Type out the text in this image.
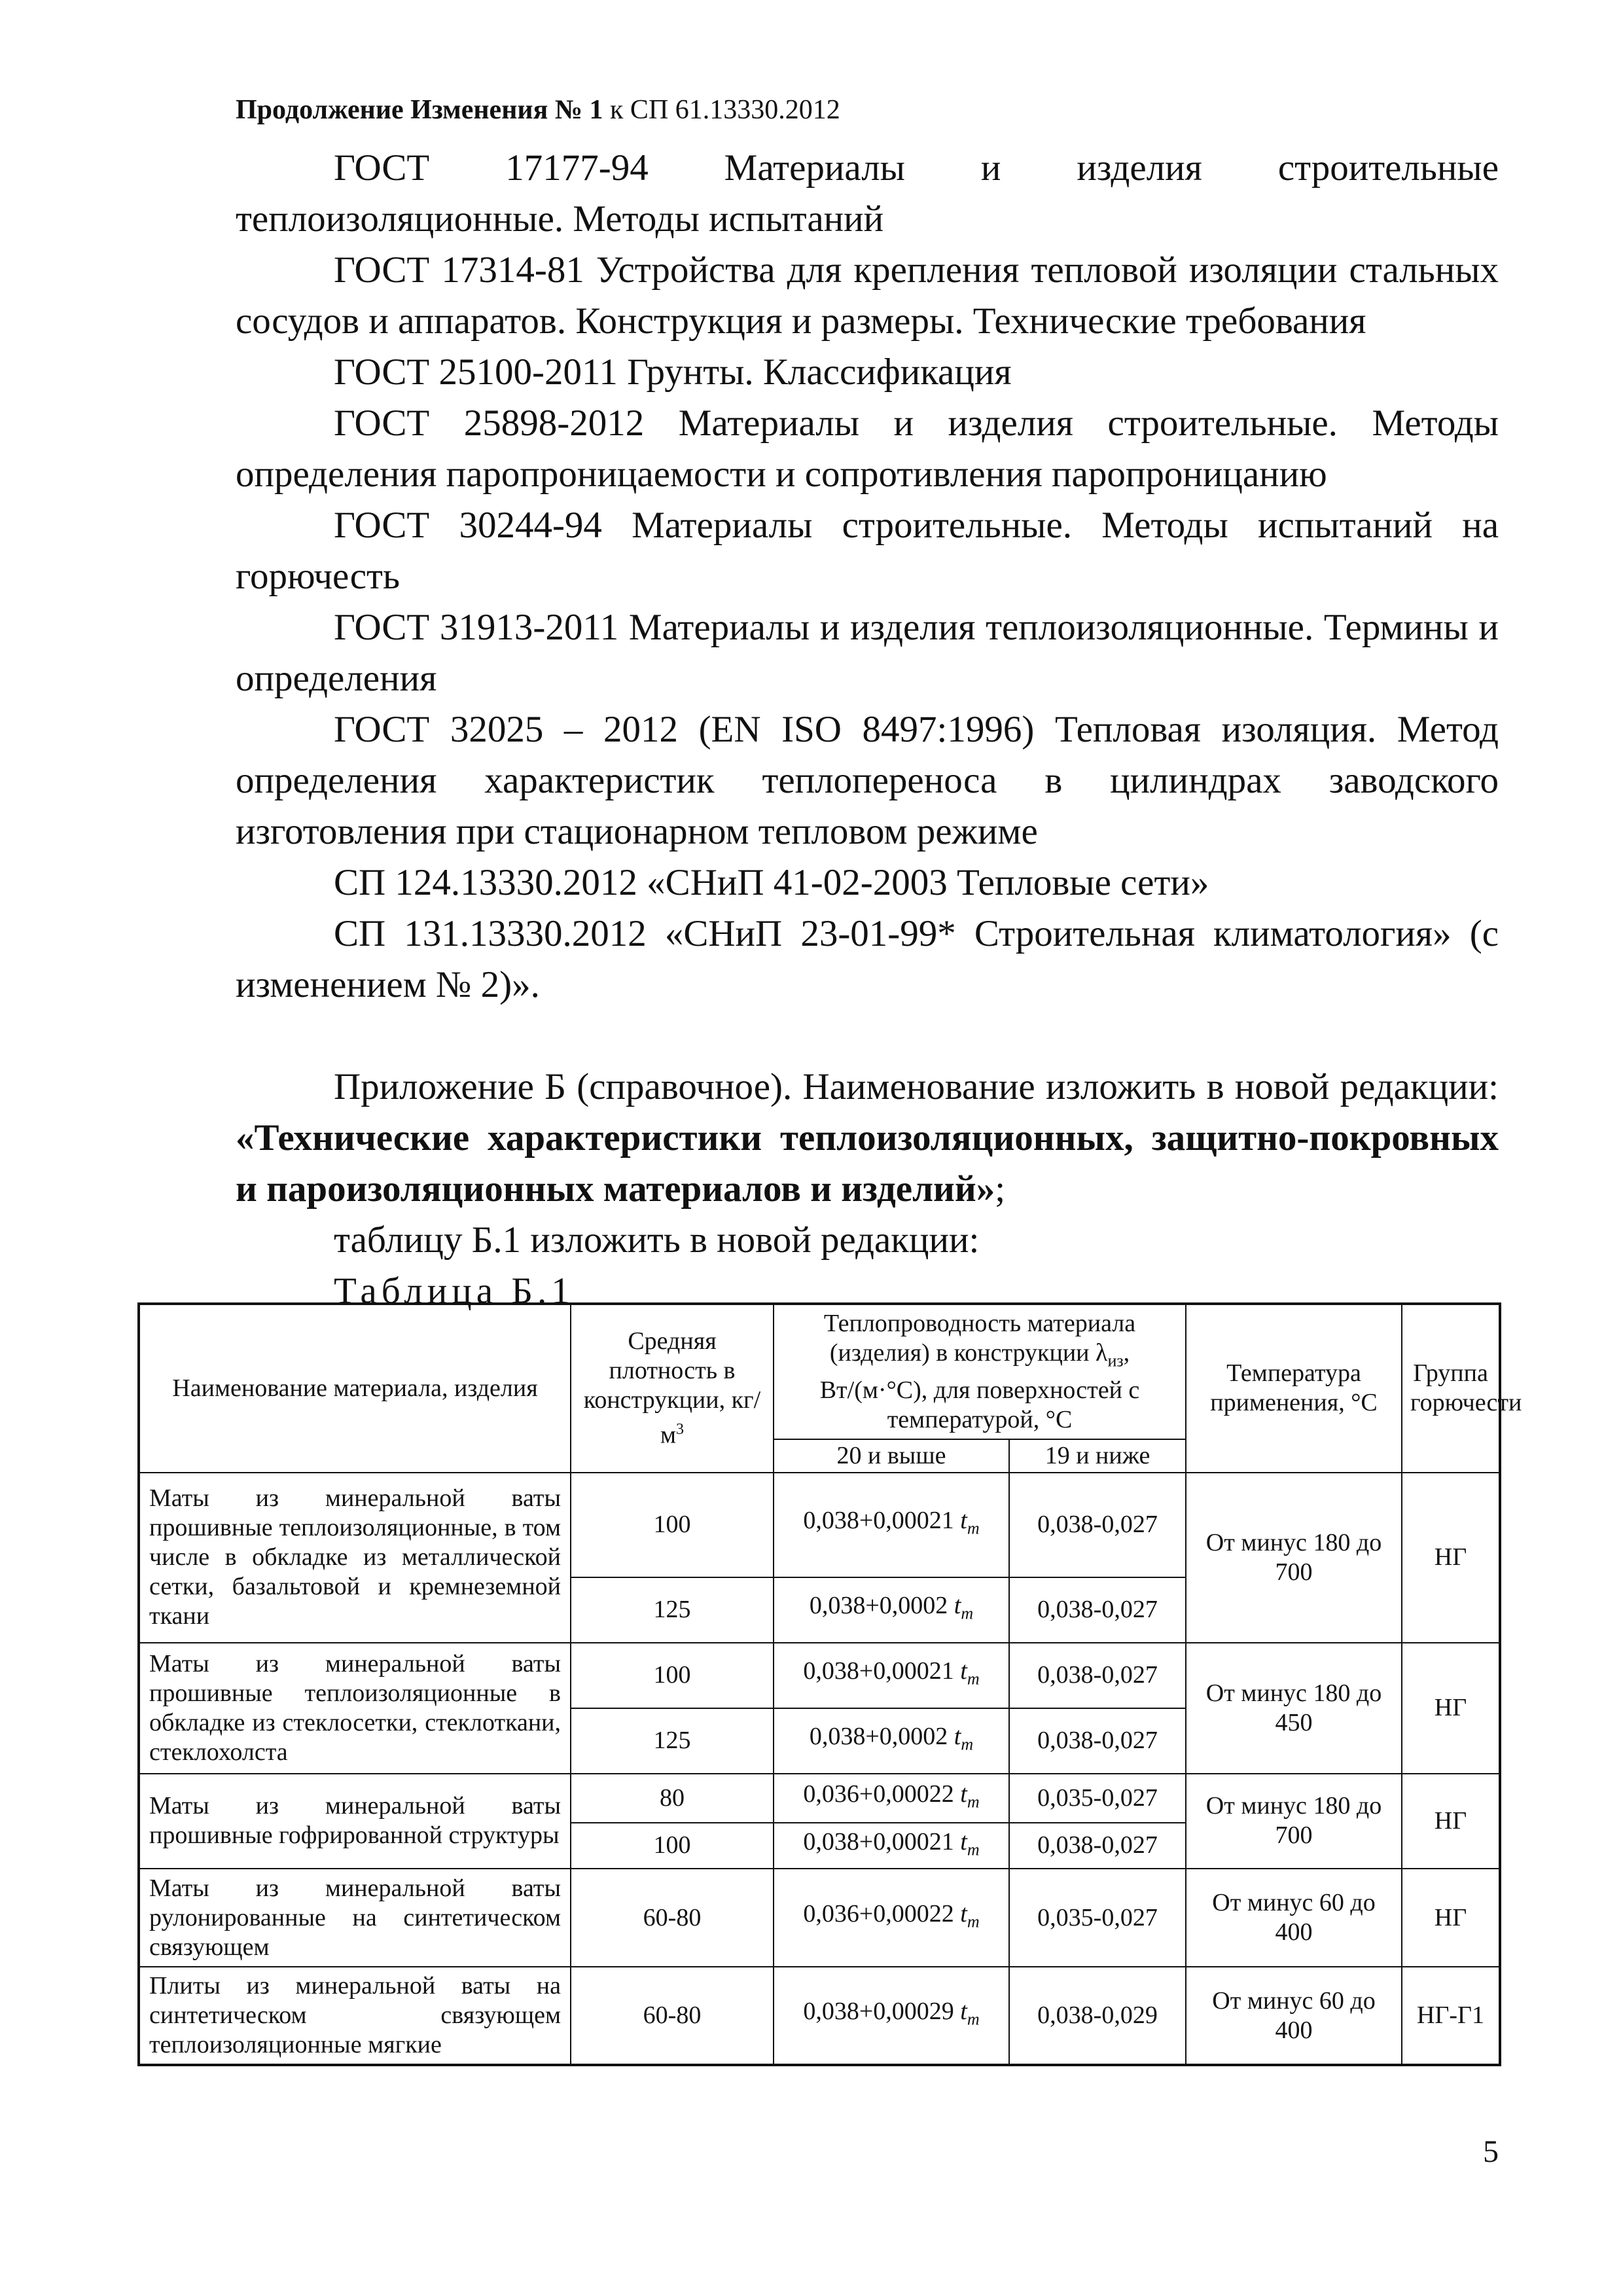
Продолжение Изменения № 1 к СП 61.13330.2012

ГОСТ 17177-94 Материалы и изделия строительные теплоизоляционные. Методы испытаний

ГОСТ 17314-81 Устройства для крепления тепловой изоляции стальных сосудов и аппаратов. Конструкция и размеры. Технические требования

ГОСТ 25100-2011 Грунты. Классификация

ГОСТ 25898-2012 Материалы и изделия строительные. Методы определения паропроницаемости и сопротивления паропроницанию

ГОСТ 30244-94 Материалы строительные. Методы испытаний на горючесть

ГОСТ 31913-2011 Материалы и изделия теплоизоляционные. Термины и определения

ГОСТ 32025 – 2012 (EN ISO 8497:1996) Тепловая изоляция. Метод определения характеристик теплопереноса в цилиндрах заводского изготовления при стационарном тепловом режиме

СП 124.13330.2012 «СНиП 41-02-2003 Тепловые сети»

СП 131.13330.2012 «СНиП 23-01-99* Строительная климатология» (с изменением № 2)».

Приложение Б (справочное). Наименование изложить в новой редакции: «Технические характеристики теплоизоляционных, защитно-покровных и пароизоляционных материалов и изделий»;

таблицу Б.1 изложить в новой редакции:

Таблица Б.1

Наименование материала, изделия	Средняя плотность в конструкции, $кг/м^3$	Теплопроводность материала (изделия) в конструкции $\lambda_{из}$, Вт/(м·°С), для поверхностей с температурой, °С		Температура применения, °С	Группа горючести
		20 и выше	19 и ниже		
Маты из минеральной ваты прошивные теплоизоляционные, в том числе в обкладке из металлической сетки, базальтовой и кремнеземной ткани	100	0,038+0,00021 $t_m$	0,038-0,027	От минус 180 до 700	НГ
	125	0,038+0,0002 $t_m$	0,038-0,027		
Маты из минеральной ваты прошивные теплоизоляционные в обкладке из стеклосетки, стеклоткани, стеклохолста	100	0,038+0,00021 $t_m$	0,038-0,027	От минус 180 до 450	НГ
	125	0,038+0,0002 $t_m$	0,038-0,027		
Маты из минеральной ваты прошивные гофрированной структуры	80	0,036+0,00022 $t_m$	0,035-0,027	От минус 180 до 700	НГ
	100	0,038+0,00021 $t_m$	0,038-0,027		
Маты из минеральной ваты рулонированные на синтетическом связующем	60-80	0,036+0,00022 $t_m$	0,035-0,027	От минус 60 до 400	НГ
Плиты из минеральной ваты на синтетическом связующем теплоизоляционные мягкие	60-80	0,038+0,00029 $t_m$	0,038-0,029	От минус 60 до 400	НГ-Г1
5
